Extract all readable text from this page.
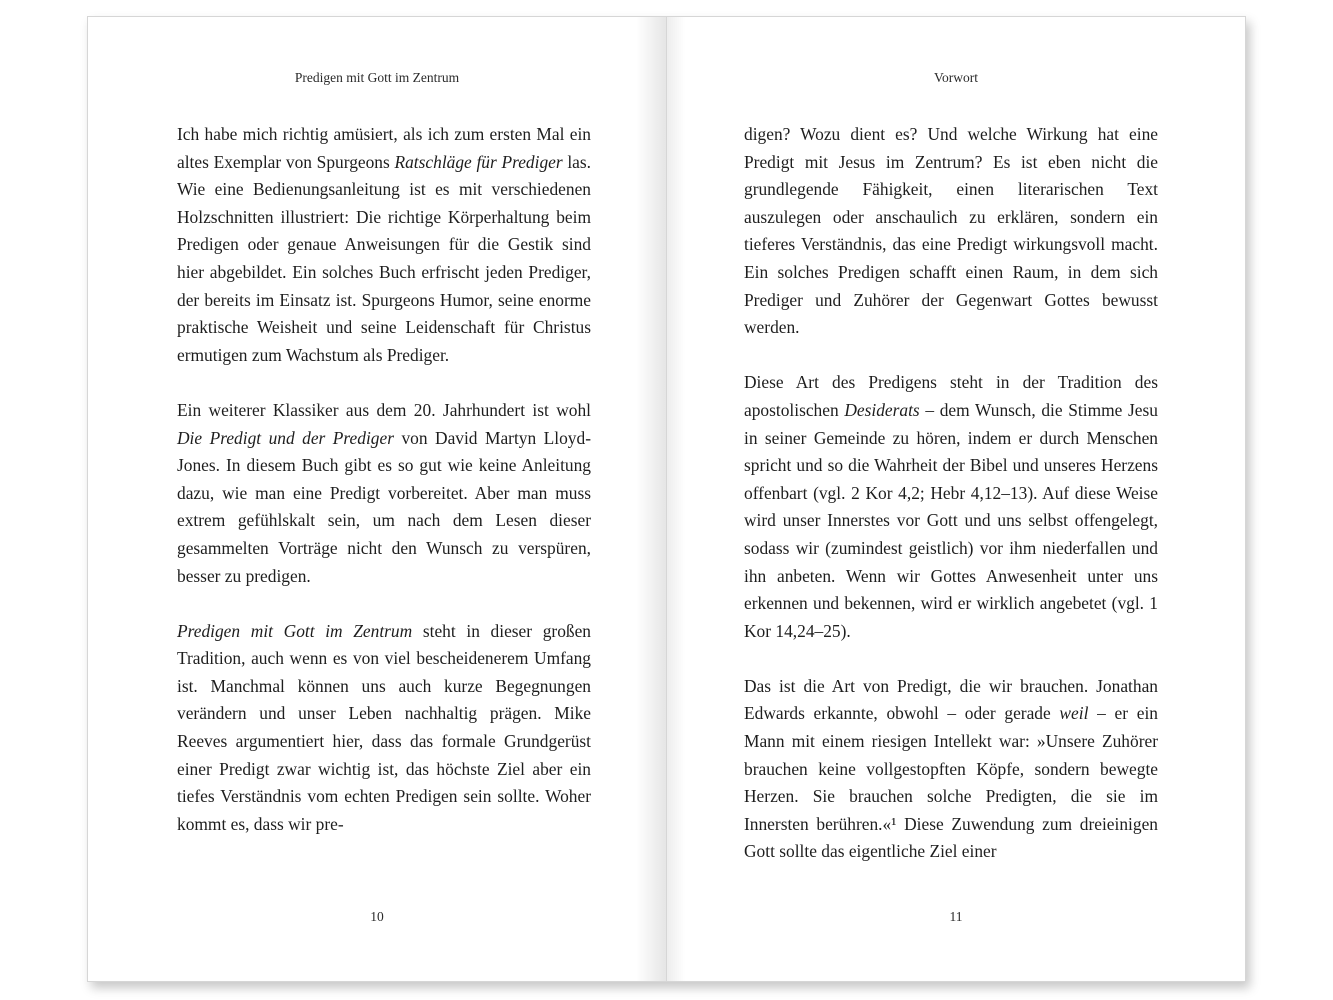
Predigen mit Gott im Zentrum

Ich habe mich richtig amüsiert, als ich zum ersten Mal ein altes Exemplar von Spurgeons Ratschläge für Prediger las. Wie eine Bedienungsanleitung ist es mit verschiedenen Holzschnitten illustriert: Die richtige Körperhaltung beim Predigen oder genaue Anweisungen für die Gestik sind hier abgebildet. Ein solches Buch erfrischt jeden Prediger, der bereits im Einsatz ist. Spurgeons Humor, seine enorme praktische Weisheit und seine Leidenschaft für Christus ermutigen zum Wachstum als Prediger.

Ein weiterer Klassiker aus dem 20. Jahrhundert ist wohl Die Predigt und der Prediger von David Martyn Lloyd-Jones. In diesem Buch gibt es so gut wie keine Anleitung dazu, wie man eine Predigt vorbereitet. Aber man muss extrem gefühlskalt sein, um nach dem Lesen dieser gesammelten Vorträge nicht den Wunsch zu verspüren, besser zu predigen.

Predigen mit Gott im Zentrum steht in dieser großen Tradition, auch wenn es von viel bescheidenerem Umfang ist. Manchmal können uns auch kurze Begegnungen verändern und unser Leben nachhaltig prägen. Mike Reeves argumentiert hier, dass das formale Grundgerüst einer Predigt zwar wichtig ist, das höchste Ziel aber ein tiefes Verständnis vom echten Predigen sein sollte. Woher kommt es, dass wir pre-

10
Vorwort

digen? Wozu dient es? Und welche Wirkung hat eine Predigt mit Jesus im Zentrum? Es ist eben nicht die grundlegende Fähigkeit, einen literarischen Text auszulegen oder anschaulich zu erklären, sondern ein tieferes Verständnis, das eine Predigt wirkungsvoll macht. Ein solches Predigen schafft einen Raum, in dem sich Prediger und Zuhörer der Gegenwart Gottes bewusst werden.

Diese Art des Predigens steht in der Tradition des apostolischen Desiderats – dem Wunsch, die Stimme Jesu in seiner Gemeinde zu hören, indem er durch Menschen spricht und so die Wahrheit der Bibel und unseres Herzens offenbart (vgl. 2 Kor 4,2; Hebr 4,12–13). Auf diese Weise wird unser Innerstes vor Gott und uns selbst offengelegt, sodass wir (zumindest geistlich) vor ihm niederfallen und ihn anbeten. Wenn wir Gottes Anwesenheit unter uns erkennen und bekennen, wird er wirklich angebetet (vgl. 1 Kor 14,24–25).

Das ist die Art von Predigt, die wir brauchen. Jonathan Edwards erkannte, obwohl – oder gerade weil – er ein Mann mit einem riesigen Intellekt war: »Unsere Zuhörer brauchen keine vollgestopften Köpfe, sondern bewegte Herzen. Sie brauchen solche Predigten, die sie im Innersten berühren.«¹ Diese Zuwendung zum dreieinigen Gott sollte das eigentliche Ziel einer

11
